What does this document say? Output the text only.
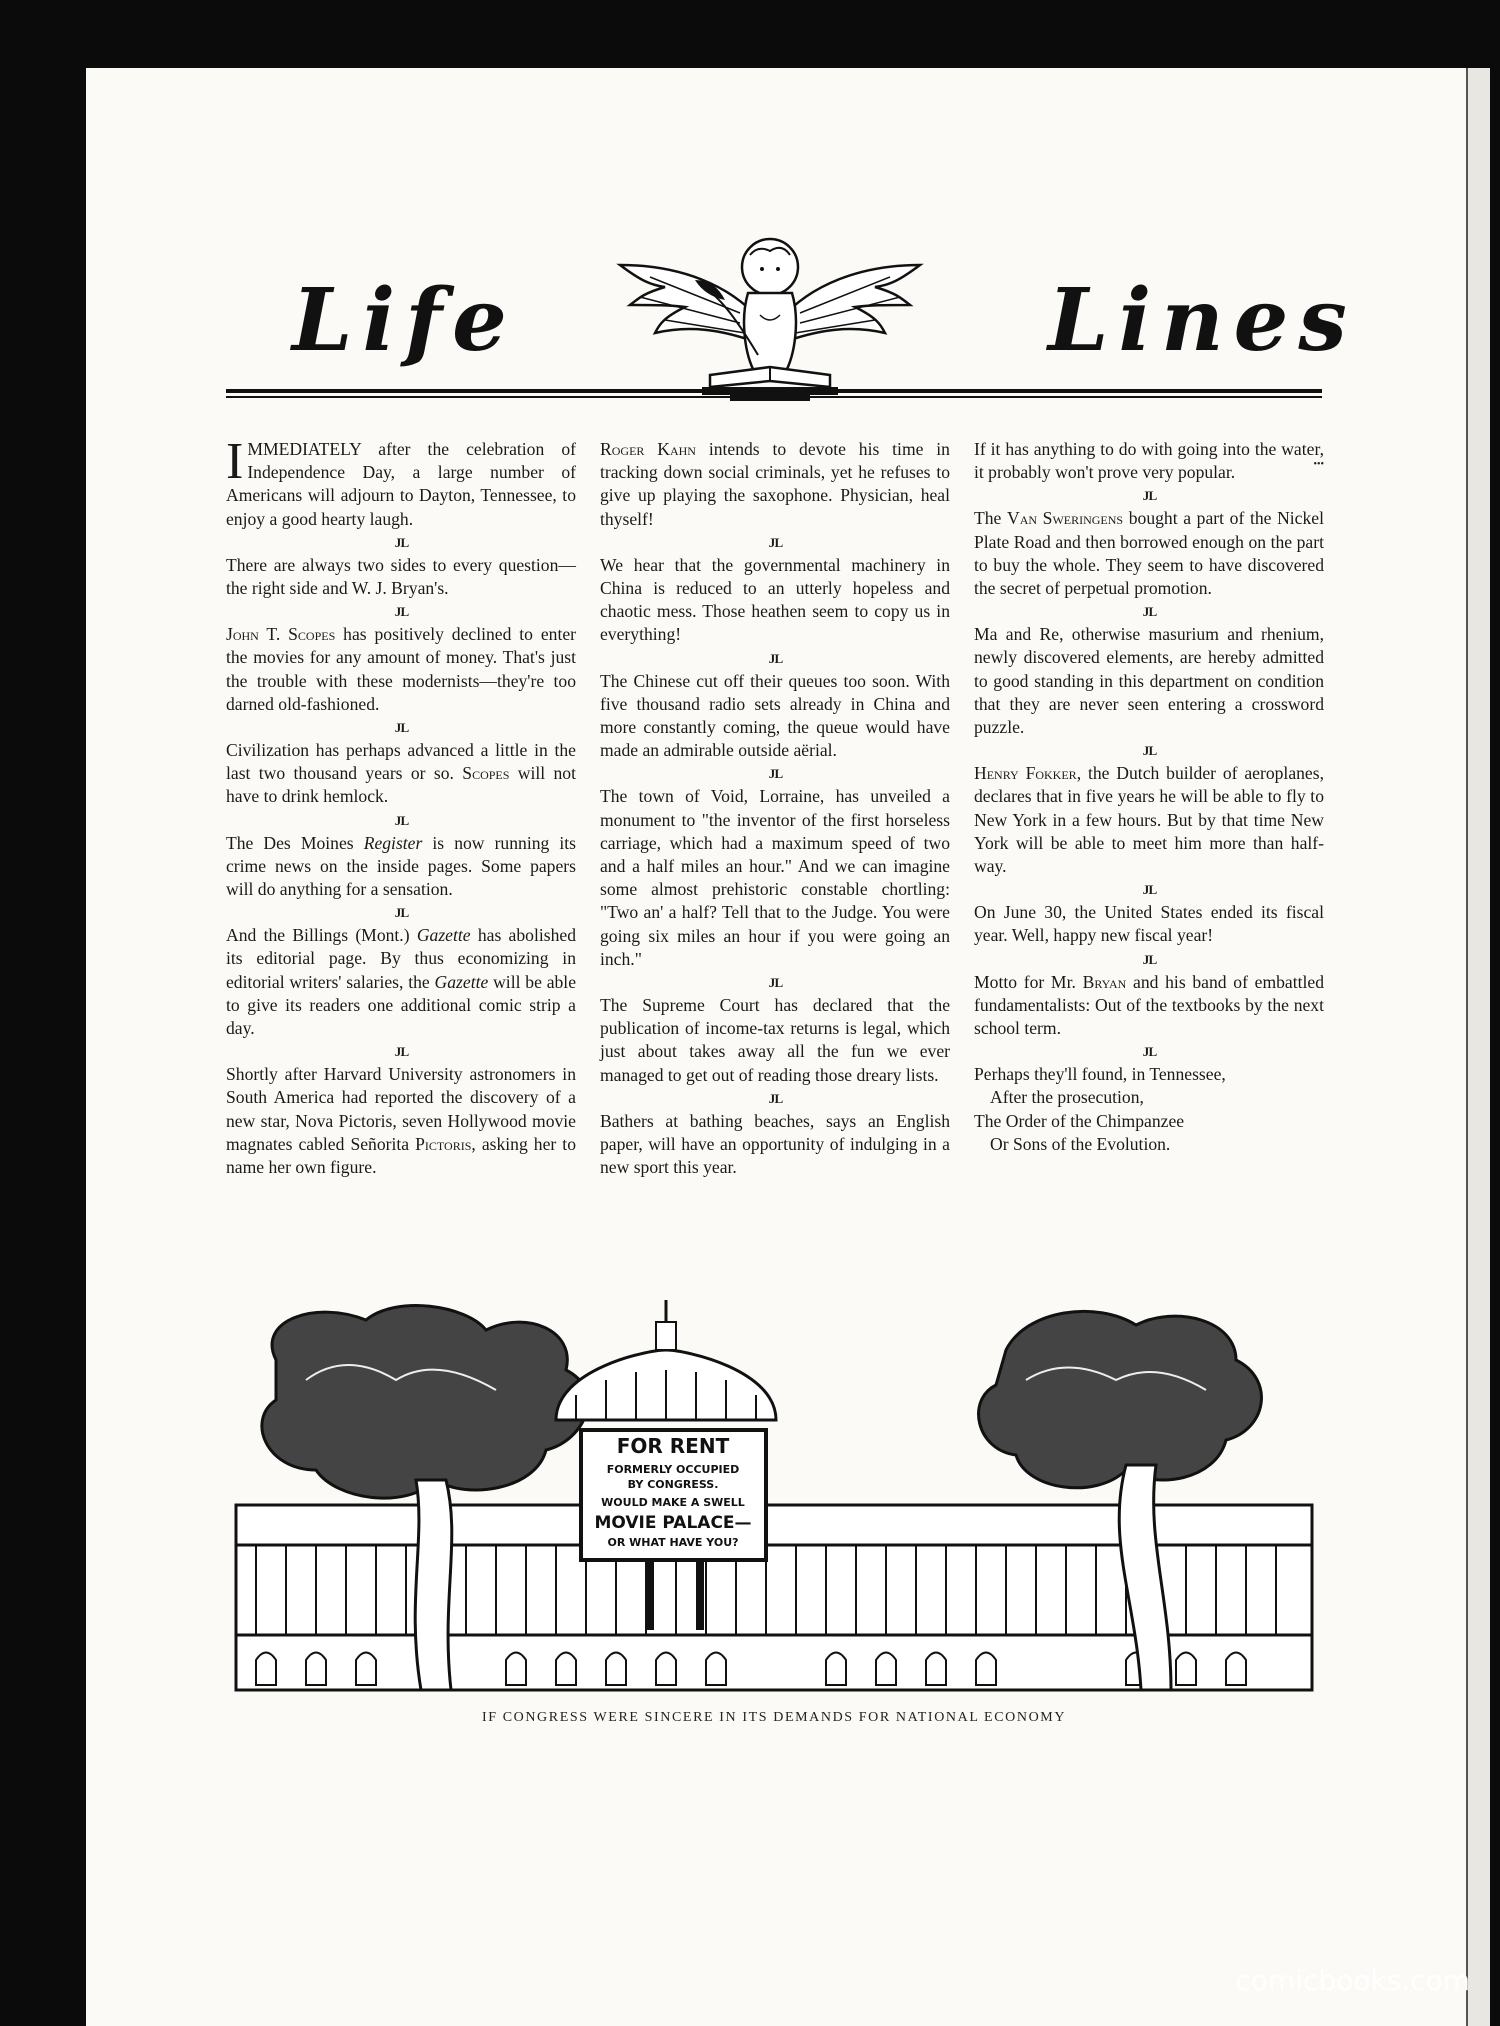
Life	Lines

IMMEDIATELY after the celebration of Independence Day, a large number of Americans will adjourn to Dayton, Tennessee, to enjoy a good hearty laugh.

J L

There are always two sides to every question—the right side and W. J. Bryan's.

J L

John T. Scopes has positively declined to enter the movies for any amount of money. That's just the trouble with these modernists—they're too darned old-fashioned.

J L

Civilization has perhaps advanced a little in the last two thousand years or so. Scopes will not have to drink hemlock.

J L

The Des Moines Register is now running its crime news on the inside pages. Some papers will do anything for a sensation.

J L

And the Billings (Mont.) Gazette has abolished its editorial page. By thus economizing in editorial writers' salaries, the Gazette will be able to give its readers one additional comic strip a day.

J L

Shortly after Harvard University astronomers in South America had reported the discovery of a new star, Nova Pictoris, seven Hollywood movie magnates cabled Señorita Pictoris, asking her to name her own figure.

Roger Kahn intends to devote his time in tracking down social criminals, yet he refuses to give up playing the saxophone. Physician, heal thyself!

J L

We hear that the governmental machinery in China is reduced to an utterly hopeless and chaotic mess. Those heathen seem to copy us in everything!

J L

The Chinese cut off their queues too soon. With five thousand radio sets already in China and more constantly coming, the queue would have made an admirable outside aërial.

J L

The town of Void, Lorraine, has unveiled a monument to "the inventor of the first horseless carriage, which had a maximum speed of two and a half miles an hour." And we can imagine some almost prehistoric constable chortling: "Two an' a half? Tell that to the Judge. You were going six miles an hour if you were going an inch."

J L

The Supreme Court has declared that the publication of income-tax returns is legal, which just about takes away all the fun we ever managed to get out of reading those dreary lists.

J L

Bathers at bathing beaches, says an English paper, will have an opportunity of indulging in a new sport this year.

If it has anything to do with going into the water, it probably won't prove very popular.	•••

J L

The Van Sweringens bought a part of the Nickel Plate Road and then borrowed enough on the part to buy the whole. They seem to have discovered the secret of perpetual promotion.

J L

Ma and Re, otherwise masurium and rhenium, newly discovered elements, are hereby admitted to good standing in this department on condition that they are never seen entering a crossword puzzle.

J L

Henry Fokker, the Dutch builder of aeroplanes, declares that in five years he will be able to fly to New York in a few hours. But by that time New York will be able to meet him more than half-way.

J L

On June 30, the United States ended its fiscal year. Well, happy new fiscal year!

J L

Motto for Mr. Bryan and his band of embattled fundamentalists: Out of the textbooks by the next school term.

J L

Perhaps they'll found, in Tennessee,
After the prosecution,
The Order of the Chimpanzee
Or Sons of the Evolution.

FOR RENT
FORMERLY OCCUPIED
BY CONGRESS.
WOULD MAKE A SWELL
MOVIE PALACE—
OR WHAT HAVE YOU?
IF CONGRESS WERE SINCERE IN ITS DEMANDS FOR NATIONAL ECONOMY
comicbooks.com
